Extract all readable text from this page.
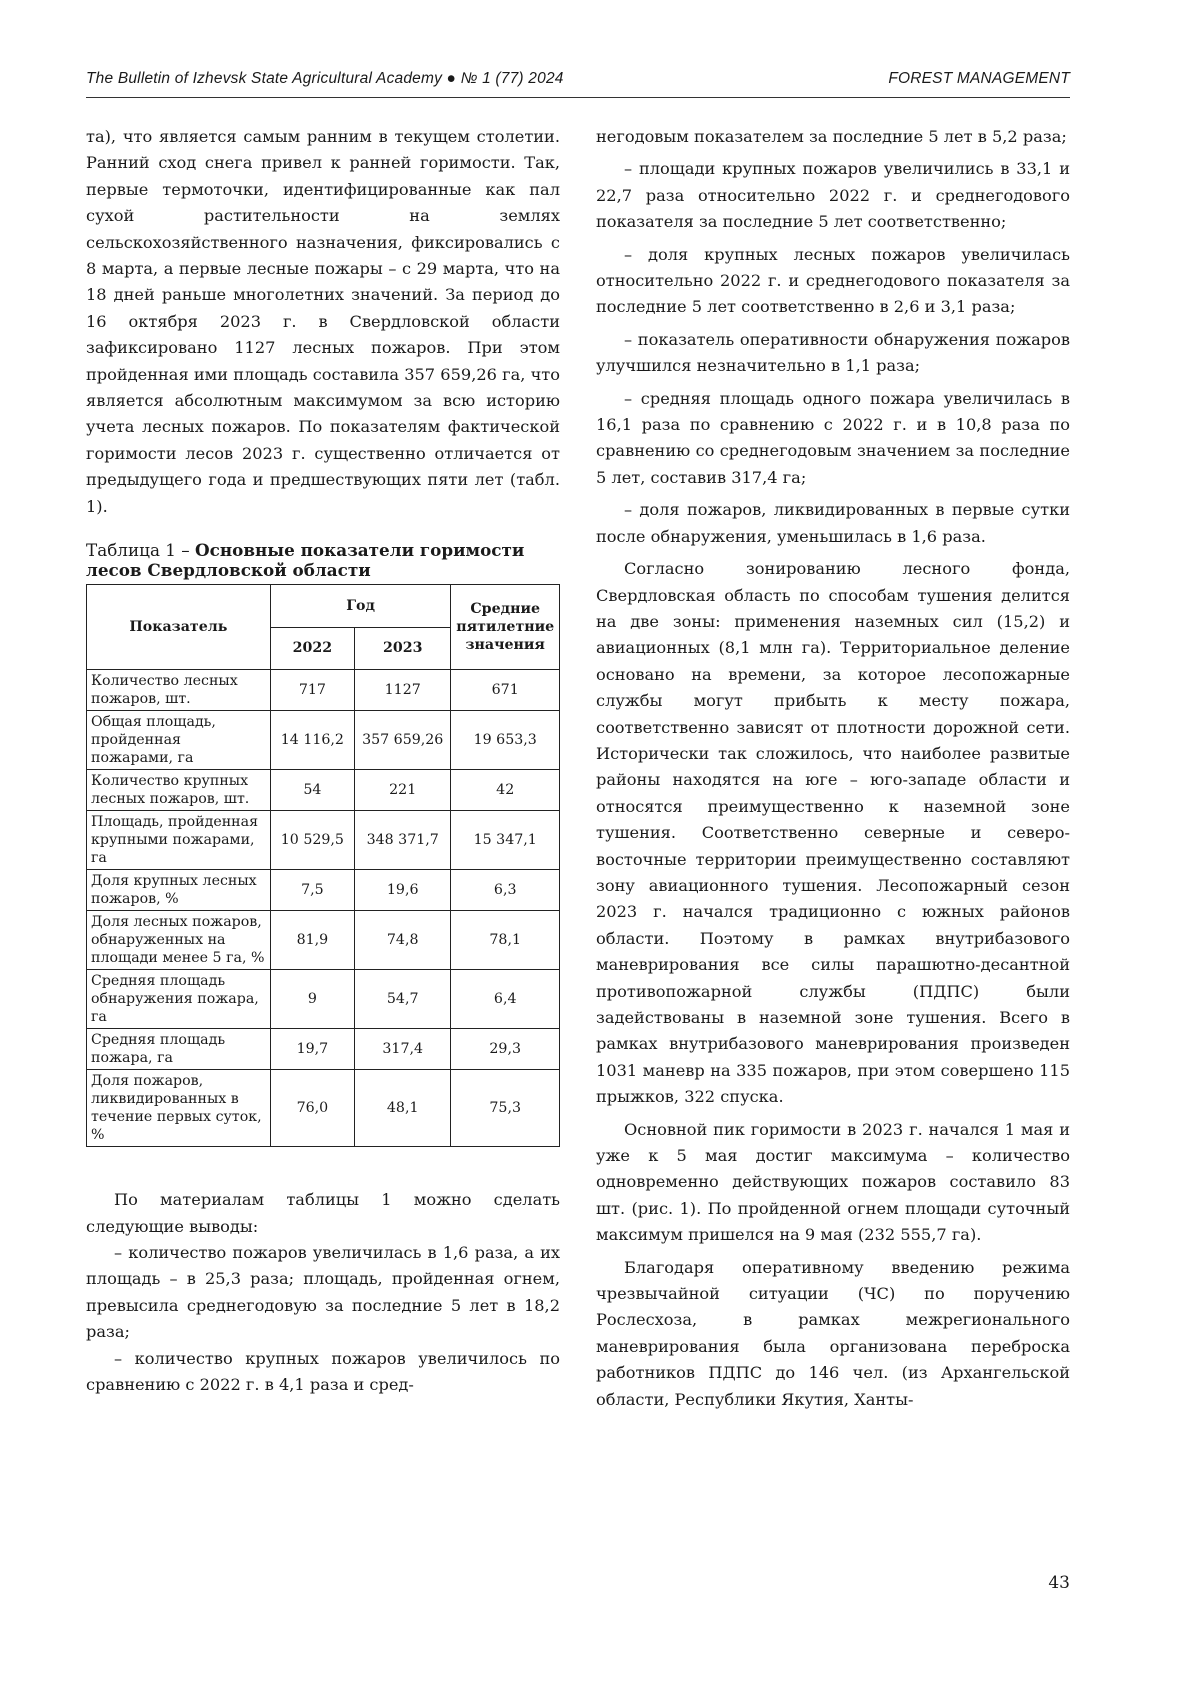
The Bulletin of Izhevsk State Agricultural Academy ● № 1 (77) 2024	FOREST MANAGEMENT

та), что является самым ранним в текущем столетии. Ранний сход снега привел к ранней горимости. Так, первые термоточки, идентифицированные как пал сухой растительности на землях сельскохозяйственного назначения, фиксировались с 8 марта, а первые лесные пожары – с 29 марта, что на 18 дней раньше многолетних значений. За период до 16 октября 2023 г. в Свердловской области зафиксировано 1127 лесных пожаров. При этом пройденная ими площадь составила 357 659,26 га, что является абсолютным максимумом за всю историю учета лесных пожаров. По показателям фактической горимости лесов 2023 г. существенно отличается от предыдущего года и предшествующих пяти лет (табл. 1).

Таблица 1 – Основные показатели горимости лесов Свердловской области
Показатель	Год		Средние пятилетние значения
	2022	2023	
Количество лесных пожаров, шт.	717	1127	671
Общая площадь, пройденная пожарами, га	14 116,2	357 659,26	19 653,3
Количество крупных лесных пожаров, шт.	54	221	42
Площадь, пройденная крупными пожарами, га	10 529,5	348 371,7	15 347,1
Доля крупных лесных пожаров, %	7,5	19,6	6,3
Доля лесных пожаров, обнаруженных на площади менее 5 га, %	81,9	74,8	78,1
Средняя площадь обнаружения пожара, га	9	54,7	6,4
Средняя площадь пожара, га	19,7	317,4	29,3
Доля пожаров, ликвидированных в течение первых суток, %	76,0	48,1	75,3

По материалам таблицы 1 можно сделать следующие выводы:

– количество пожаров увеличилась в 1,6 раза, а их площадь – в 25,3 раза; площадь, пройденная огнем, превысила среднегодовую за последние 5 лет в 18,2 раза;

– количество крупных пожаров увеличилось по сравнению с 2022 г. в 4,1 раза и сред-

негодовым показателем за последние 5 лет в 5,2 раза;

– площади крупных пожаров увеличились в 33,1 и 22,7 раза относительно 2022 г. и среднегодового показателя за последние 5 лет соответственно;

– доля крупных лесных пожаров увеличилась относительно 2022 г. и среднегодового показателя за последние 5 лет соответственно в 2,6 и 3,1 раза;

– показатель оперативности обнаружения пожаров улучшился незначительно в 1,1 раза;

– средняя площадь одного пожара увеличилась в 16,1 раза по сравнению с 2022 г. и в 10,8 раза по сравнению со среднегодовым значением за последние 5 лет, составив 317,4 га;

– доля пожаров, ликвидированных в первые сутки после обнаружения, уменьшилась в 1,6 раза.

Согласно зонированию лесного фонда, Свердловская область по способам тушения делится на две зоны: применения наземных сил (15,2) и авиационных (8,1 млн га). Территориальное деление основано на времени, за которое лесопожарные службы могут прибыть к месту пожара, соответственно зависят от плотности дорожной сети. Исторически так сложилось, что наиболее развитые районы находятся на юге – юго-западе области и относятся преимущественно к наземной зоне тушения. Соответственно северные и северо-восточные территории преимущественно составляют зону авиационного тушения. Лесопожарный сезон 2023 г. начался традиционно с южных районов области. Поэтому в рамках внутрибазового маневрирования все силы парашютно-десантной противопожарной службы (ПДПС) были задействованы в наземной зоне тушения. Всего в рамках внутрибазового маневрирования произведен 1031 маневр на 335 пожаров, при этом совершено 115 прыжков, 322 спуска.

Основной пик горимости в 2023 г. начался 1 мая и уже к 5 мая достиг максимума – количество одновременно действующих пожаров составило 83 шт. (рис. 1). По пройденной огнем площади суточный максимум пришелся на 9 мая (232 555,7 га).

Благодаря оперативному введению режима чрезвычайной ситуации (ЧС) по поручению Рослесхоза, в рамках межрегионального маневрирования была организована переброска работников ПДПС до 146 чел. (из Архангельской области, Республики Якутия, Ханты-

43
